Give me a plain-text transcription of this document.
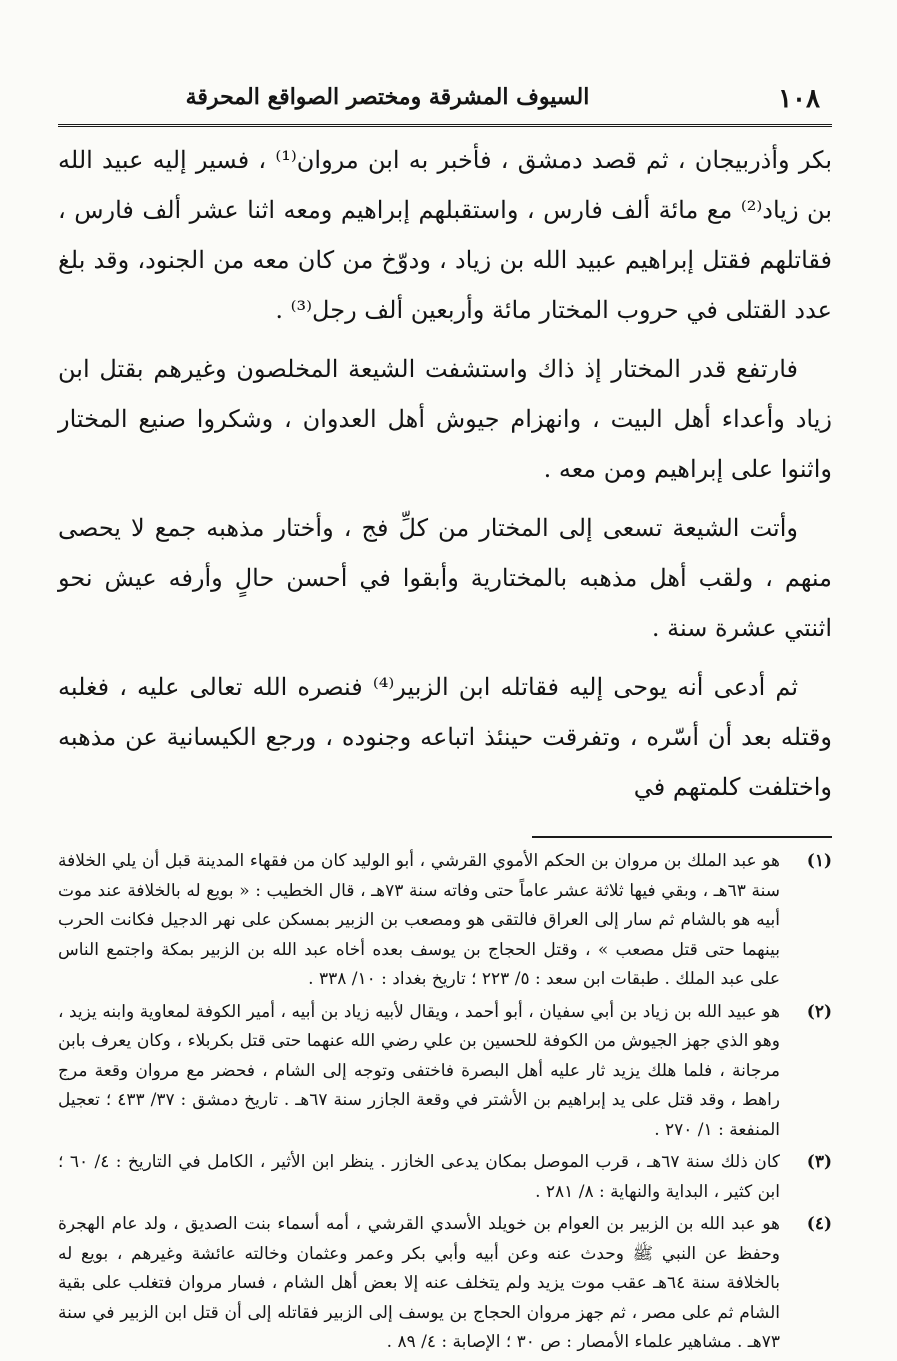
١٠٨
السيوف المشرقة ومختصر الصواقع المحرقة

بكر وأذربيجان ، ثم قصد دمشق ، فأخبر به ابن مروان⁽¹⁾ ، فسير إليه عبيد الله بن زياد⁽²⁾ مع مائة ألف فارس ، واستقبلهم إبراهيم ومعه اثنا عشر ألف فارس ، فقاتلهم فقتل إبراهيم عبيد الله بن زياد ، ودوّخ من كان معه من الجنود، وقد بلغ عدد القتلى في حروب المختار مائة وأربعين ألف رجل⁽³⁾ .

فارتفع قدر المختار إذ ذاك واستشفت الشيعة المخلصون وغيرهم بقتل ابن زياد وأعداء أهل البيت ، وانهزام جيوش أهل العدوان ، وشكروا صنيع المختار واثنوا على إبراهيم ومن معه .

وأتت الشيعة تسعى إلى المختار من كلِّ فج ، وأختار مذهبه جمع لا يحصى منهم ، ولقب أهل مذهبه بالمختارية وأبقوا في أحسن حالٍ وأرفه عيش نحو اثنتي عشرة سنة .

ثم أدعى أنه يوحى إليه فقاتله ابن الزبير⁽⁴⁾ فنصره الله تعالى عليه ، فغلبه وقتله بعد أن أسّره ، وتفرقت حينئذ اتباعه وجنوده ، ورجع الكيسانية عن مذهبه واختلفت كلمتهم في

(١)
هو عبد الملك بن مروان بن الحكم الأموي القرشي ، أبو الوليد كان من فقهاء المدينة قبل أن يلي الخلافة سنة ٦٣هـ ، وبقي فيها ثلاثة عشر عاماً حتى وفاته سنة ٧٣هـ ، قال الخطيب : « بويع له بالخلافة عند موت أبيه هو بالشام ثم سار إلى العراق فالتقى هو ومصعب بن الزبير بمسكن على نهر الدجيل فكانت الحرب بينهما حتى قتل مصعب » ، وقتل الحجاج بن يوسف بعده أخاه عبد الله بن الزبير بمكة واجتمع الناس على عبد الملك . طبقات ابن سعد : ٥/ ٢٢٣ ؛ تاريخ بغداد : ١٠/ ٣٣٨ .
(٢)
هو عبيد الله بن زياد بن أبي سفيان ، أبو أحمد ، ويقال لأبيه زياد بن أبيه ، أمير الكوفة لمعاوية وابنه يزيد ، وهو الذي جهز الجيوش من الكوفة للحسين بن علي رضي الله عنهما حتى قتل بكربلاء ، وكان يعرف بابن مرجانة ، فلما هلك يزيد ثار عليه أهل البصرة فاختفى وتوجه إلى الشام ، فحضر مع مروان وقعة مرج راهط ، وقد قتل على يد إبراهيم بن الأشتر في وقعة الجازر سنة ٦٧هـ . تاريخ دمشق : ٣٧/ ٤٣٣ ؛ تعجيل المنفعة : ١/ ٢٧٠ .
(٣)
كان ذلك سنة ٦٧هـ ، قرب الموصل بمكان يدعى الخازر . ينظر ابن الأثير ، الكامل في التاريخ : ٤/ ٦٠ ؛ ابن كثير ، البداية والنهاية : ٨/ ٢٨١ .
(٤)
هو عبد الله بن الزبير بن العوام بن خويلد الأسدي القرشي ، أمه أسماء بنت الصديق ، ولد عام الهجرة وحفظ عن النبي ﷺ وحدث عنه وعن أبيه وأبي بكر وعمر وعثمان وخالته عائشة وغيرهم ، بويع له بالخلافة سنة ٦٤هـ عقب موت يزيد ولم يتخلف عنه إلا بعض أهل الشام ، فسار مروان فتغلب على بقية الشام ثم على مصر ، ثم جهز مروان الحجاج بن يوسف إلى الزبير فقاتله إلى أن قتل ابن الزبير في سنة ٧٣هـ . مشاهير علماء الأمصار : ص ٣٠ ؛ الإصابة : ٤/ ٨٩ .
